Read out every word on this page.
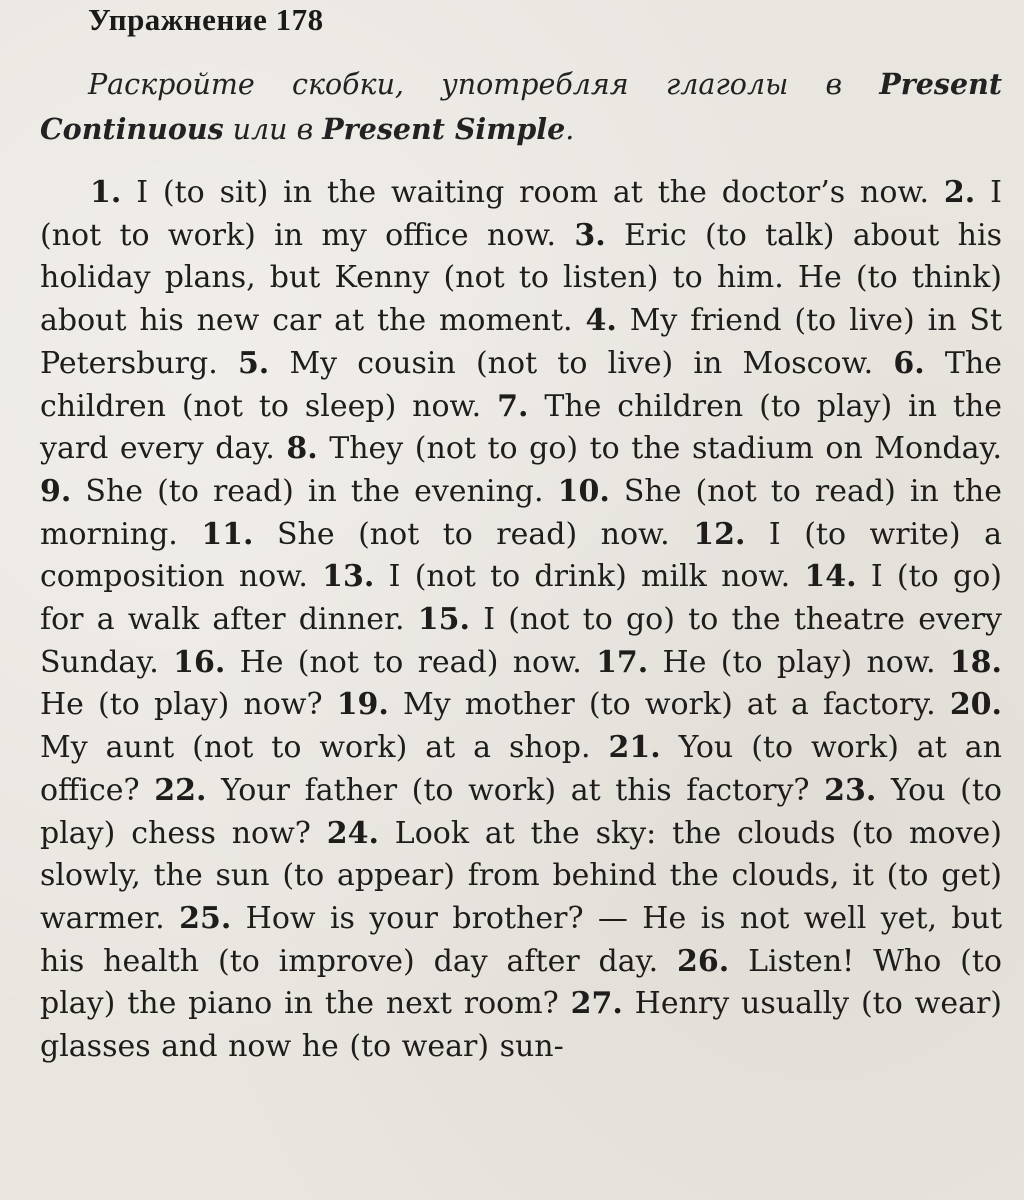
Упражнение 178

Раскройте скобки, употребляя глаголы в Present Continuous или в Present Simple.

1. I (to sit) in the waiting room at the doctor’s now. 2. I (not to work) in my office now. 3. Eric (to talk) about his holiday plans, but Kenny (not to listen) to him. He (to think) about his new car at the moment. 4. My friend (to live) in St Petersburg. 5. My cousin (not to live) in Moscow. 6. The children (not to sleep) now. 7. The children (to play) in the yard every day. 8. They (not to go) to the stadium on Monday. 9. She (to read) in the evening. 10. She (not to read) in the morning. 11. She (not to read) now. 12. I (to write) a composition now. 13. I (not to drink) milk now. 14. I (to go) for a walk after dinner. 15. I (not to go) to the theatre every Sunday. 16. He (not to read) now. 17. He (to play) now. 18. He (to play) now? 19. My mother (to work) at a factory. 20. My aunt (not to work) at a shop. 21. You (to work) at an office? 22. Your father (to work) at this factory? 23. You (to play) chess now? 24. Look at the sky: the clouds (to move) slowly, the sun (to appear) from behind the clouds, it (to get) warmer. 25. How is your brother? — He is not well yet, but his health (to improve) day after day. 26. Listen! Who (to play) the piano in the next room? 27. Henry usually (to wear) glasses and now he (to wear) sun-
